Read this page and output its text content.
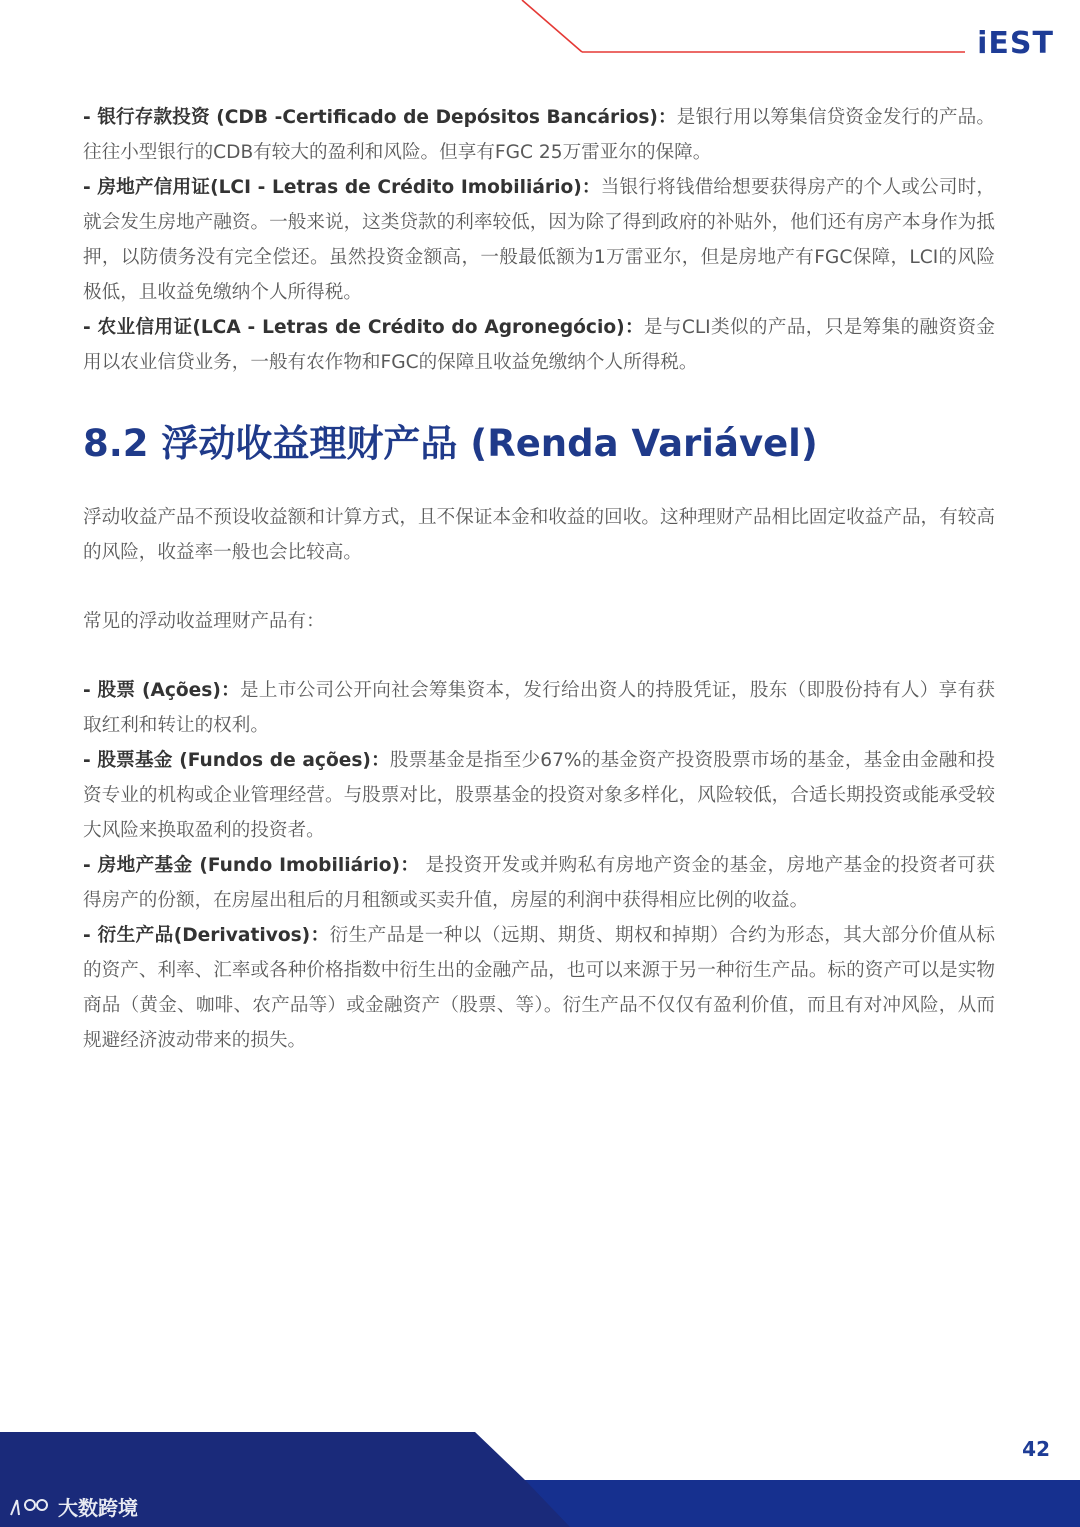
iEST

- 银行存款投资 (CDB -Certificado de Depósitos Bancários)：是银行用以筹集信贷资金发行的产品。往往小型银行的CDB有较大的盈利和风险。但享有FGC 25万雷亚尔的保障。

- 房地产信用证(LCI - Letras de Crédito Imobiliário)：当银行将钱借给想要获得房产的个人或公司时，就会发生房地产融资。一般来说，这类贷款的利率较低，因为除了得到政府的补贴外，他们还有房产本身作为抵押，以防债务没有完全偿还。虽然投资金额高，一般最低额为1万雷亚尔，但是房地产有FGC保障，LCI的风险极低，且收益免缴纳个人所得税。

- 农业信用证(LCA - Letras de Crédito do Agronegócio)：是与CLI类似的产品，只是筹集的融资资金用以农业信贷业务，一般有农作物和FGC的保障且收益免缴纳个人所得税。

8.2 浮动收益理财产品 (Renda Variável)

浮动收益产品不预设收益额和计算方式，且不保证本金和收益的回收。这种理财产品相比固定收益产品，有较高的风险，收益率一般也会比较高。

常见的浮动收益理财产品有：

- 股票 (Ações)：是上市公司公开向社会筹集资本，发行给出资人的持股凭证，股东（即股份持有人）享有获取红利和转让的权利。

- 股票基金 (Fundos de ações)：股票基金是指至少67%的基金资产投资股票市场的基金，基金由金融和投资专业的机构或企业管理经营。与股票对比，股票基金的投资对象多样化，风险较低，合适长期投资或能承受较大风险来换取盈利的投资者。

- 房地产基金 (Fundo Imobiliário)： 是投资开发或并购私有房地产资金的基金，房地产基金的投资者可获得房产的份额，在房屋出租后的月租额或买卖升值，房屋的利润中获得相应比例的收益。

- 衍生产品(Derivativos)：衍生产品是一种以（远期、期货、期权和掉期）合约为形态，其大部分价值从标的资产、利率、汇率或各种价格指数中衍生出的金融产品，也可以来源于另一种衍生产品。标的资产可以是实物商品（黄金、咖啡、农产品等）或金融资产（股票、等）。衍生产品不仅仅有盈利价值，而且有对冲风险，从而规避经济波动带来的损失。

42
大数跨境
